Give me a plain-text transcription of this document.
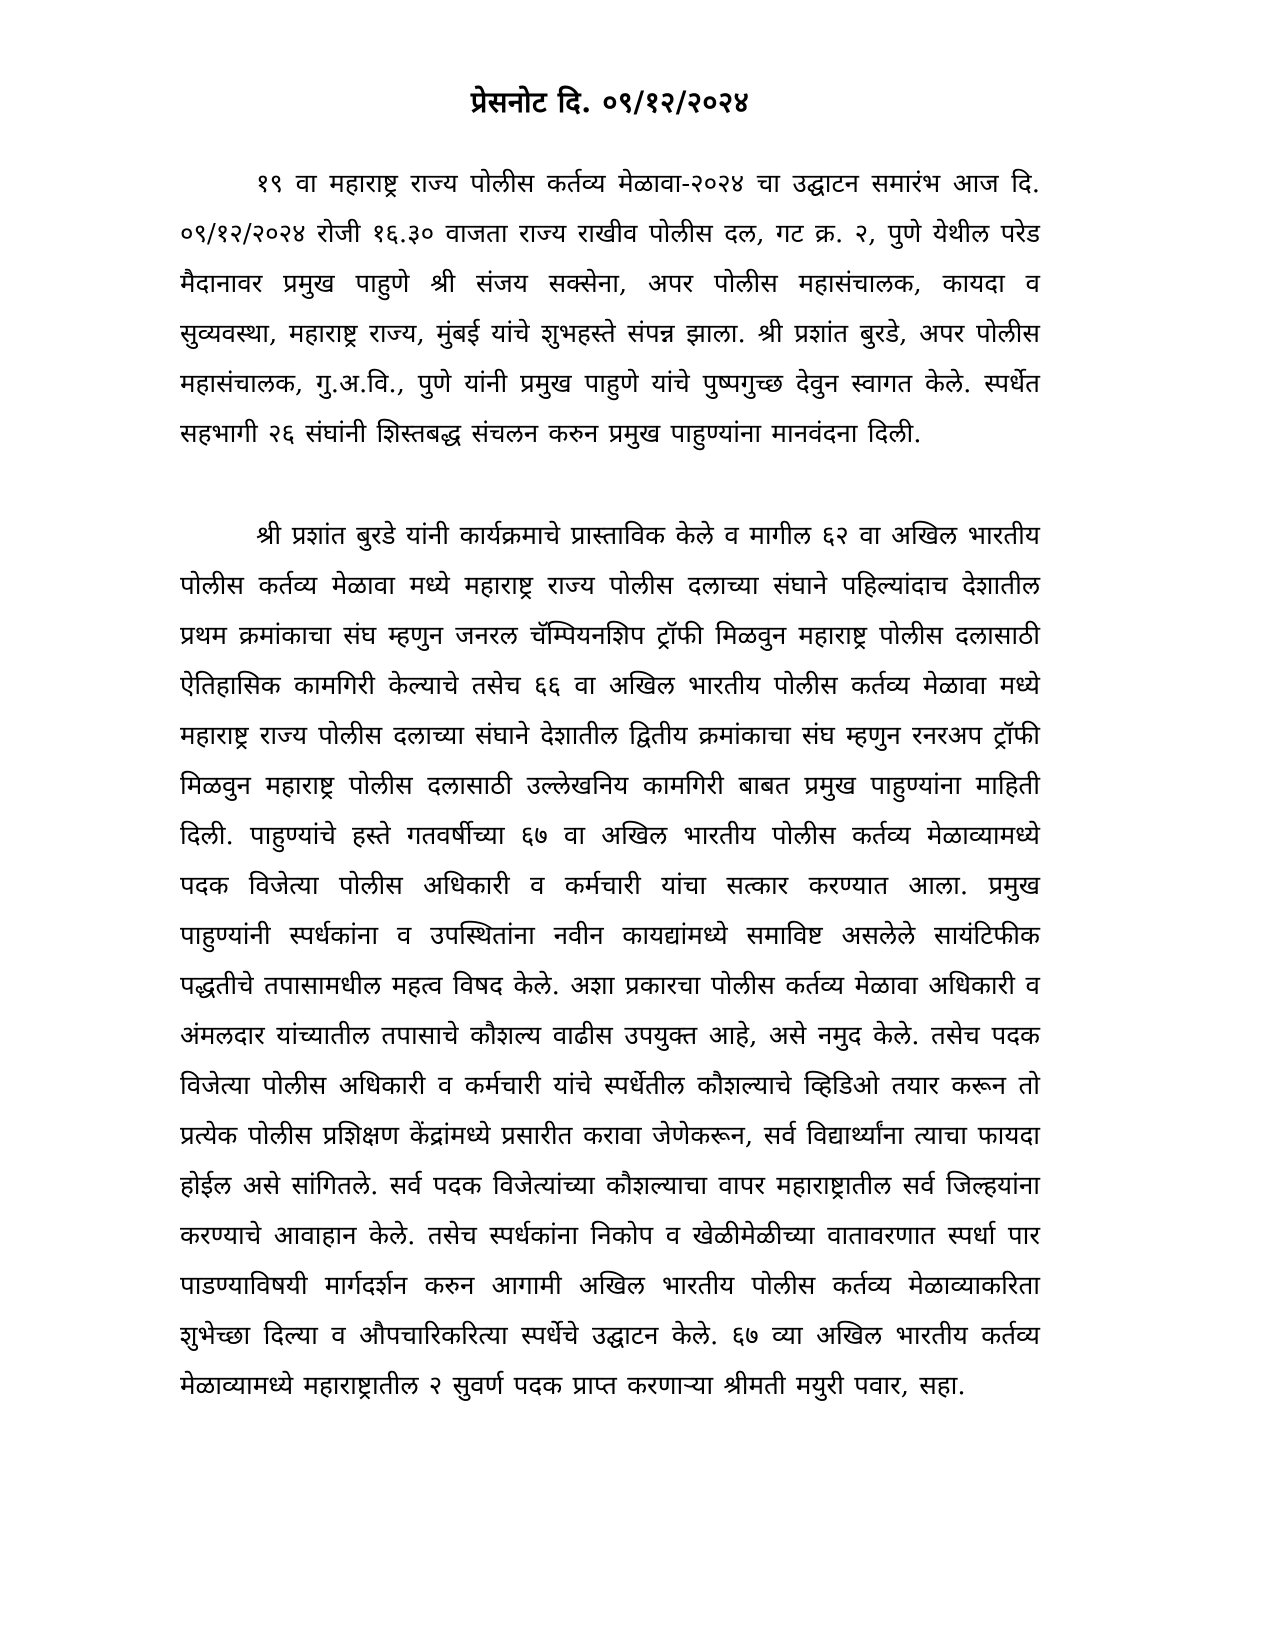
प्रेसनोट दि. ०९/१२/२०२४

१९ वा महाराष्ट्र राज्य पोलीस कर्तव्य मेळावा-२०२४ चा उद्घाटन समारंभ आज दि. ०९/१२/२०२४ रोजी १६.३० वाजता राज्य राखीव पोलीस दल, गट क्र. २, पुणे येथील परेड मैदानावर प्रमुख पाहुणे श्री संजय सक्सेना, अपर पोलीस महासंचालक, कायदा व सुव्यवस्था, महाराष्ट्र राज्य, मुंबई यांचे शुभहस्ते संपन्न झाला. श्री प्रशांत बुरडे, अपर पोलीस महासंचालक, गु.अ.वि., पुणे यांनी प्रमुख पाहुणे यांचे पुष्पगुच्छ देवुन स्वागत केले. स्पर्धेत सहभागी २६ संघांनी शिस्तबद्ध संचलन करुन प्रमुख पाहुण्यांना मानवंदना दिली.

श्री प्रशांत बुरडे यांनी कार्यक्रमाचे प्रास्ताविक केले व मागील ६२ वा अखिल भारतीय पोलीस कर्तव्य मेळावा मध्ये महाराष्ट्र राज्य पोलीस दलाच्या संघाने पहिल्यांदाच देशातील प्रथम क्रमांकाचा संघ म्हणुन जनरल चॅम्पियनशिप ट्रॉफी मिळवुन महाराष्ट्र पोलीस दलासाठी ऐतिहासिक कामगिरी केल्याचे तसेच ६६ वा अखिल भारतीय पोलीस कर्तव्य मेळावा मध्ये महाराष्ट्र राज्य पोलीस दलाच्या संघाने देशातील द्वितीय क्रमांकाचा संघ म्हणुन रनरअप ट्रॉफी मिळवुन महाराष्ट्र पोलीस दलासाठी उल्लेखनिय कामगिरी बाबत प्रमुख पाहुण्यांना माहिती दिली. पाहुण्यांचे हस्ते गतवर्षीच्या ६७ वा अखिल भारतीय पोलीस कर्तव्य मेळाव्यामध्ये पदक विजेत्या पोलीस अधिकारी व कर्मचारी यांचा सत्कार करण्यात आला. प्रमुख पाहुण्यांनी स्पर्धकांना व उपस्थितांना नवीन कायद्यांमध्ये समाविष्ट असलेले सायंटिफीक पद्धतीचे तपासामधील महत्व विषद केले. अशा प्रकारचा पोलीस कर्तव्य मेळावा अधिकारी व अंमलदार यांच्यातील तपासाचे कौशल्य वाढीस उपयुक्त आहे, असे नमुद केले. तसेच पदक विजेत्या पोलीस अधिकारी व कर्मचारी यांचे स्पर्धेतील कौशल्याचे व्हिडिओ तयार करून तो प्रत्येक पोलीस प्रशिक्षण केंद्रांमध्ये प्रसारीत करावा जेणेकरून, सर्व विद्यार्थ्यांना त्याचा फायदा होईल असे सांगितले. सर्व पदक विजेत्यांच्या कौशल्याचा वापर महाराष्ट्रातील सर्व जिल्हयांना करण्याचे आवाहान केले. तसेच स्पर्धकांना निकोप व खेळीमेळीच्या वातावरणात स्पर्धा पार पाडण्याविषयी मार्गदर्शन करुन आगामी अखिल भारतीय पोलीस कर्तव्य मेळाव्याकरिता शुभेच्छा दिल्या व औपचारिकरित्या स्पर्धेचे उद्घाटन केले. ६७ व्या अखिल भारतीय कर्तव्य मेळाव्यामध्ये महाराष्ट्रातील २ सुवर्ण पदक प्राप्त करणाऱ्या श्रीमती मयुरी पवार, सहा.
